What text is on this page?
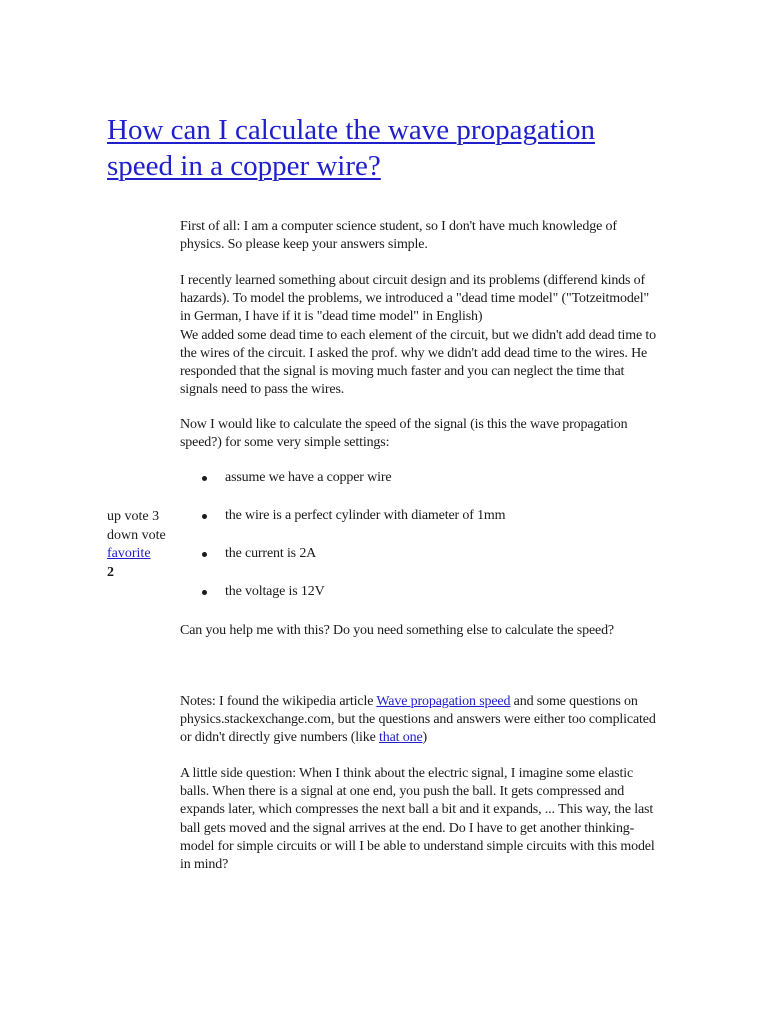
How can I calculate the wave propagation
speed in a copper wire?
up vote 3
down vote
favorite
2

First of all: I am a computer science student, so I don't have much knowledge of physics. So please keep your answers simple.

I recently learned something about circuit design and its problems (differend kinds of hazards). To model the problems, we introduced a "dead time model" ("Totzeitmodel" in German, I have if it is "dead time model" in English)

We added some dead time to each element of the circuit, but we didn't add dead time to the wires of the circuit. I asked the prof. why we didn't add dead time to the wires. He responded that the signal is moving much faster and you can neglect the time that signals need to pass the wires.

Now I would like to calculate the speed of the signal (is this the wave propagation speed?) for some very simple settings:

assume we have a copper wire
the wire is a perfect cylinder with diameter of 1mm
the current is 2A
the voltage is 12V

Can you help me with this? Do you need something else to calculate the speed?

Notes: I found the wikipedia article Wave propagation speed and some questions on physics.stackexchange.com, but the questions and answers were either too complicated or didn't directly give numbers (like that one)

A little side question: When I think about the electric signal, I imagine some elastic balls. When there is a signal at one end, you push the ball. It gets compressed and expands later, which compresses the next ball a bit and it expands, ... This way, the last ball gets moved and the signal arrives at the end. Do I have to get another thinking-model for simple circuits or will I be able to understand simple circuits with this model in mind?
